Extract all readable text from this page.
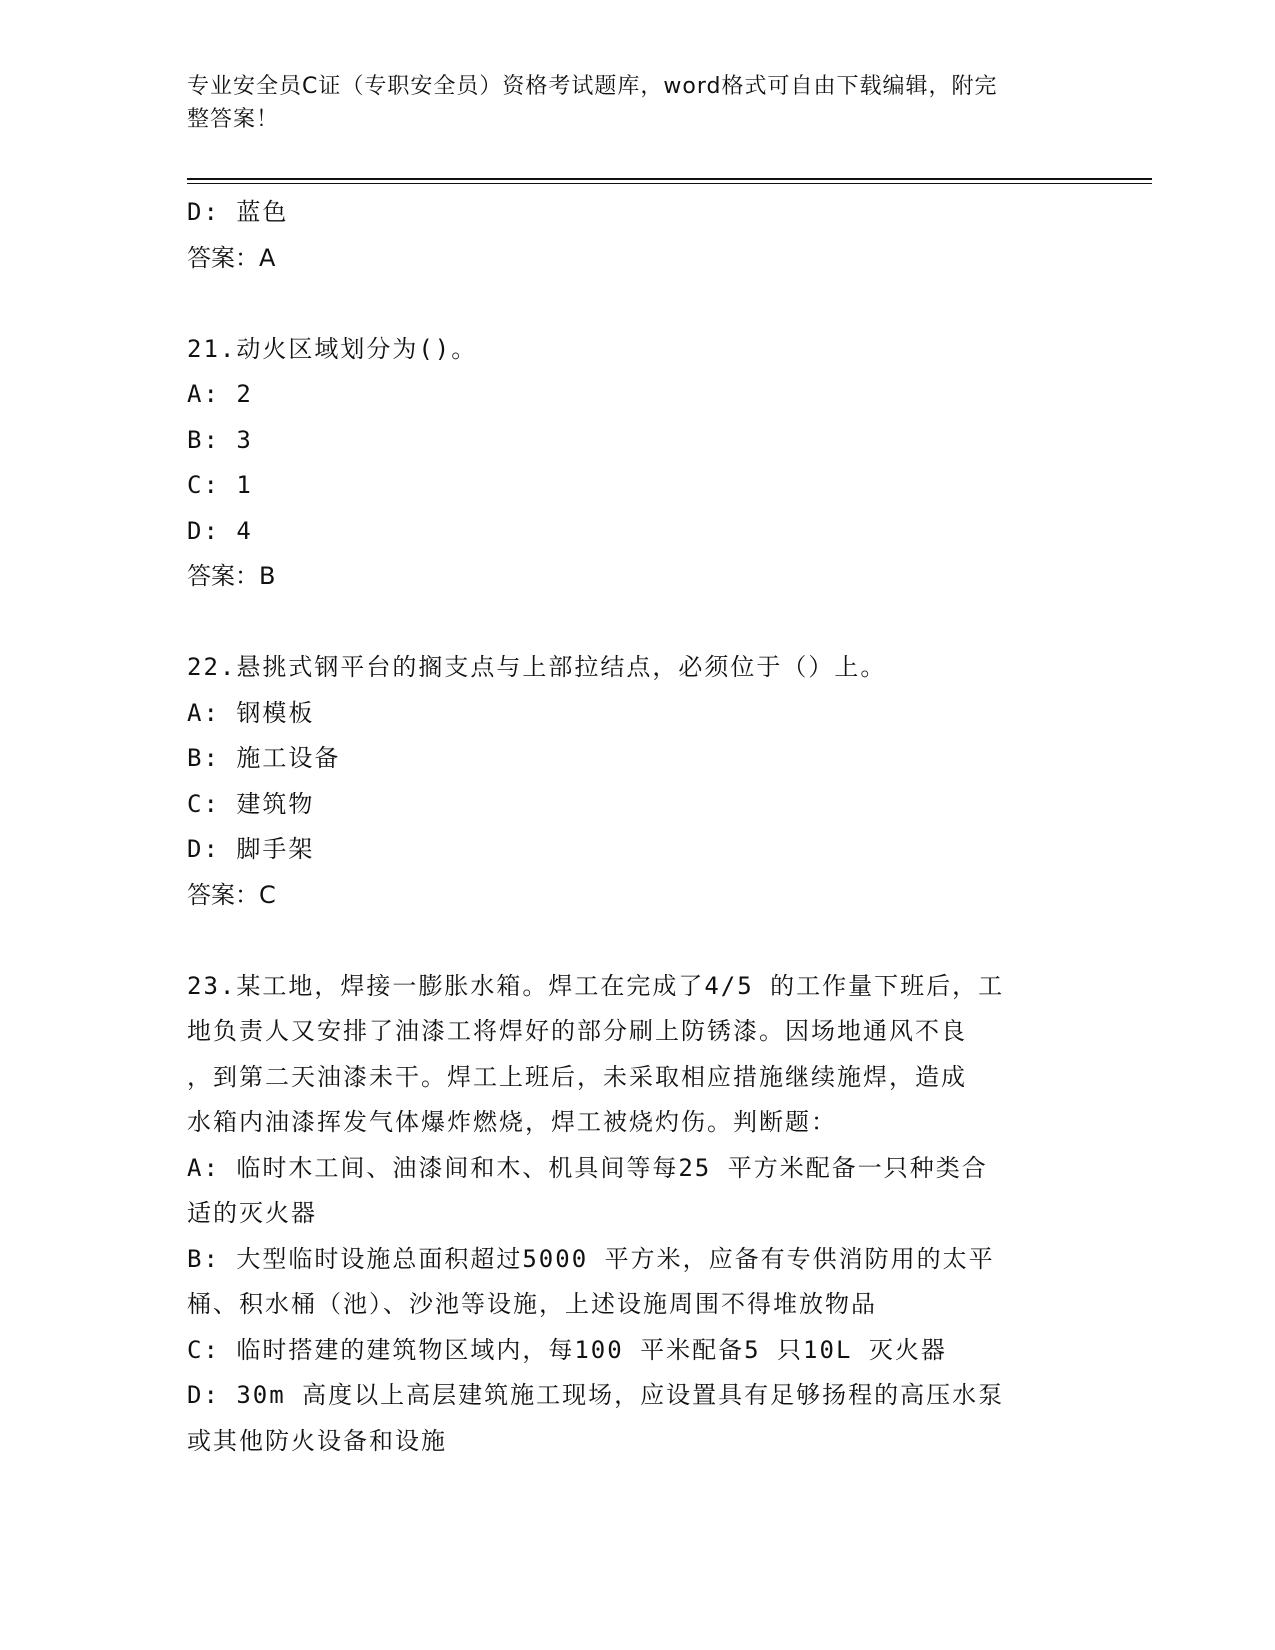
专业安全员C证（专职安全员）资格考试题库，word格式可自由下载编辑，附完
整答案！
D: 蓝色
答案：A
21.动火区域划分为()。
A: 2
B: 3
C: 1
D: 4
答案：B
22.悬挑式钢平台的搁支点与上部拉结点，必须位于（）上。
A: 钢模板
B: 施工设备
C: 建筑物
D: 脚手架
答案：C
23.某工地，焊接一膨胀水箱。焊工在完成了4/5 的工作量下班后，工
地负责人又安排了油漆工将焊好的部分刷上防锈漆。因场地通风不良
，到第二天油漆未干。焊工上班后，未采取相应措施继续施焊，造成
水箱内油漆挥发气体爆炸燃烧，焊工被烧灼伤。判断题：
A: 临时木工间、油漆间和木、机具间等每25 平方米配备一只种类合
适的灭火器
B: 大型临时设施总面积超过5000 平方米，应备有专供消防用的太平
桶、积水桶（池）、沙池等设施，上述设施周围不得堆放物品
C: 临时搭建的建筑物区域内，每100 平米配备5 只10L 灭火器
D: 30m 高度以上高层建筑施工现场，应设置具有足够扬程的高压水泵
或其他防火设备和设施
